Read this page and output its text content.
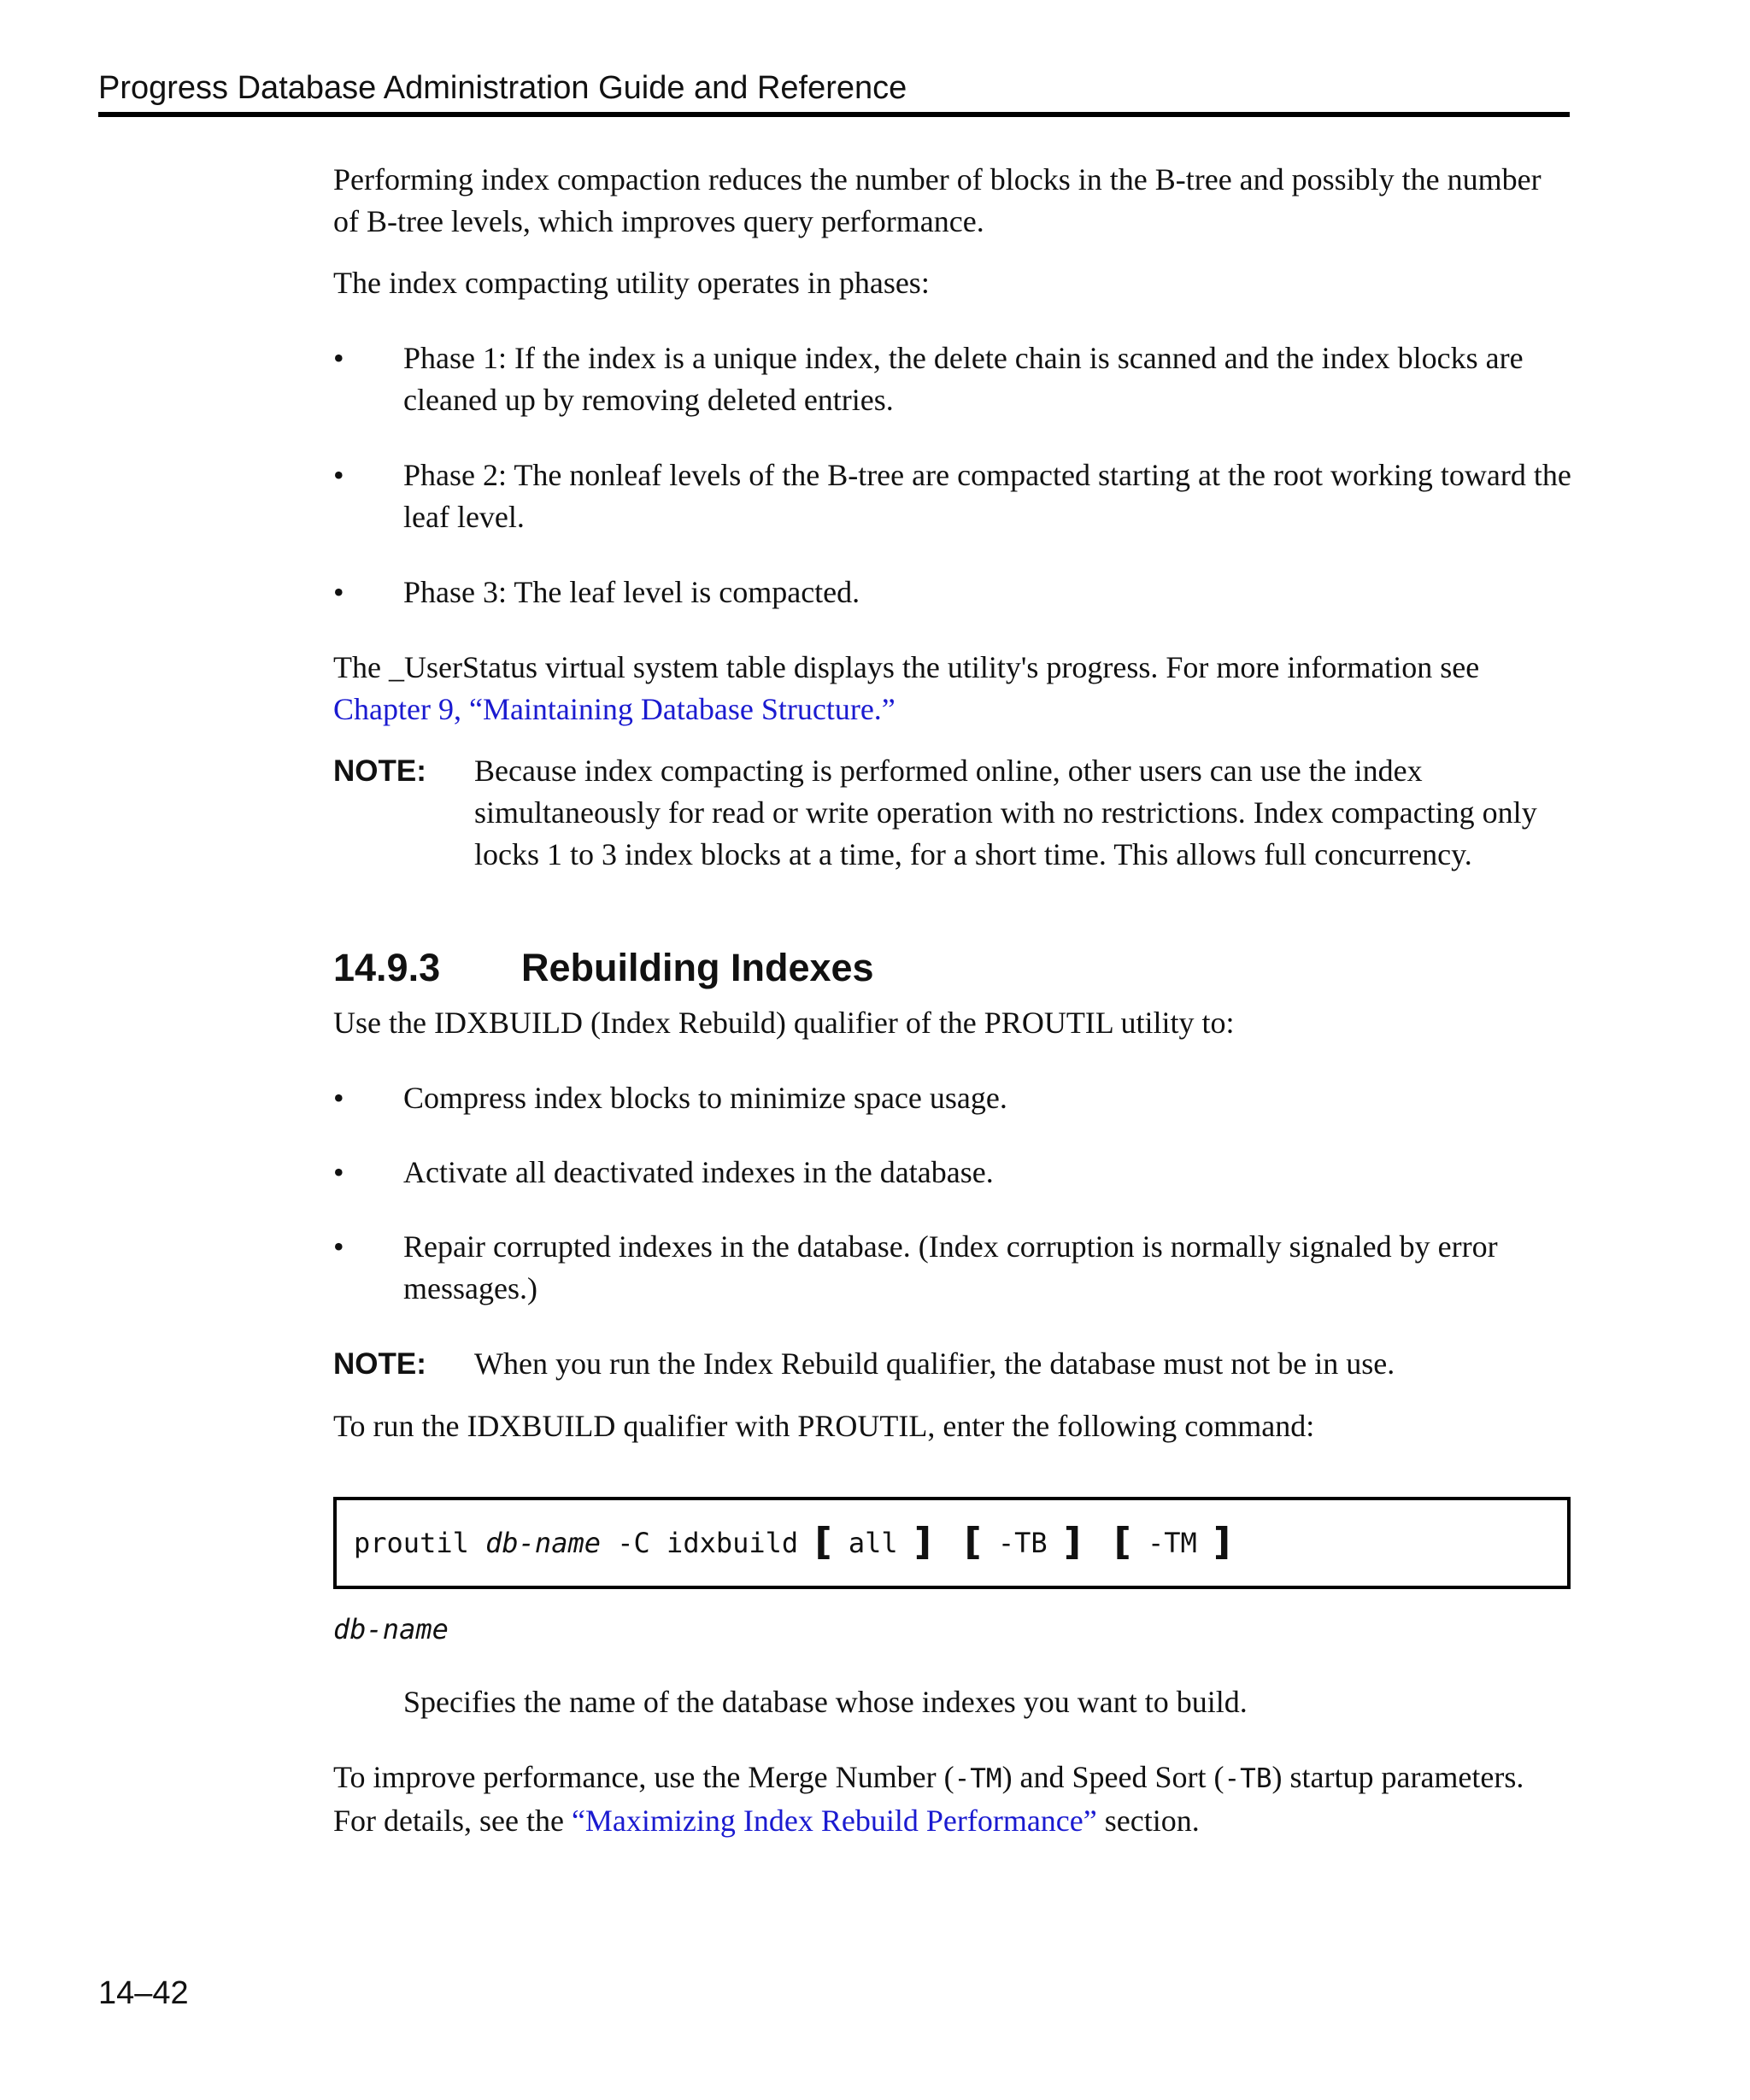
Progress Database Administration Guide and Reference

Performing index compaction reduces the number of blocks in the B-tree and possibly the number of B-tree levels, which improves query performance.

The index compacting utility operates in phases:

• Phase 1: If the index is a unique index, the delete chain is scanned and the index blocks are cleaned up by removing deleted entries.
• Phase 2: The nonleaf levels of the B-tree are compacted starting at the root working toward the leaf level.
• Phase 3: The leaf level is compacted.

The _UserStatus virtual system table displays the utility's progress. For more information see Chapter 9, “Maintaining Database Structure.”

NOTE: Because index compacting is performed online, other users can use the index simultaneously for read or write operation with no restrictions. Index compacting only locks 1 to 3 index blocks at a time, for a short time. This allows full concurrency.
14.9.3 Rebuilding Indexes

Use the IDXBUILD (Index Rebuild) qualifier of the PROUTIL utility to:

• Compress index blocks to minimize space usage.
• Activate all deactivated indexes in the database.
• Repair corrupted indexes in the database. (Index corruption is normally signaled by error messages.)
NOTE: When you run the Index Rebuild qualifier, the database must not be in use.

To run the IDXBUILD qualifier with PROUTIL, enter the following command:

proutil db-name -C idxbuild [ all ] [ -TB ] [ -TM ]
db-name
Specifies the name of the database whose indexes you want to build.

To improve performance, use the Merge Number (-TM) and Speed Sort (-TB) startup parameters. For details, see the “Maximizing Index Rebuild Performance” section.

14–42
